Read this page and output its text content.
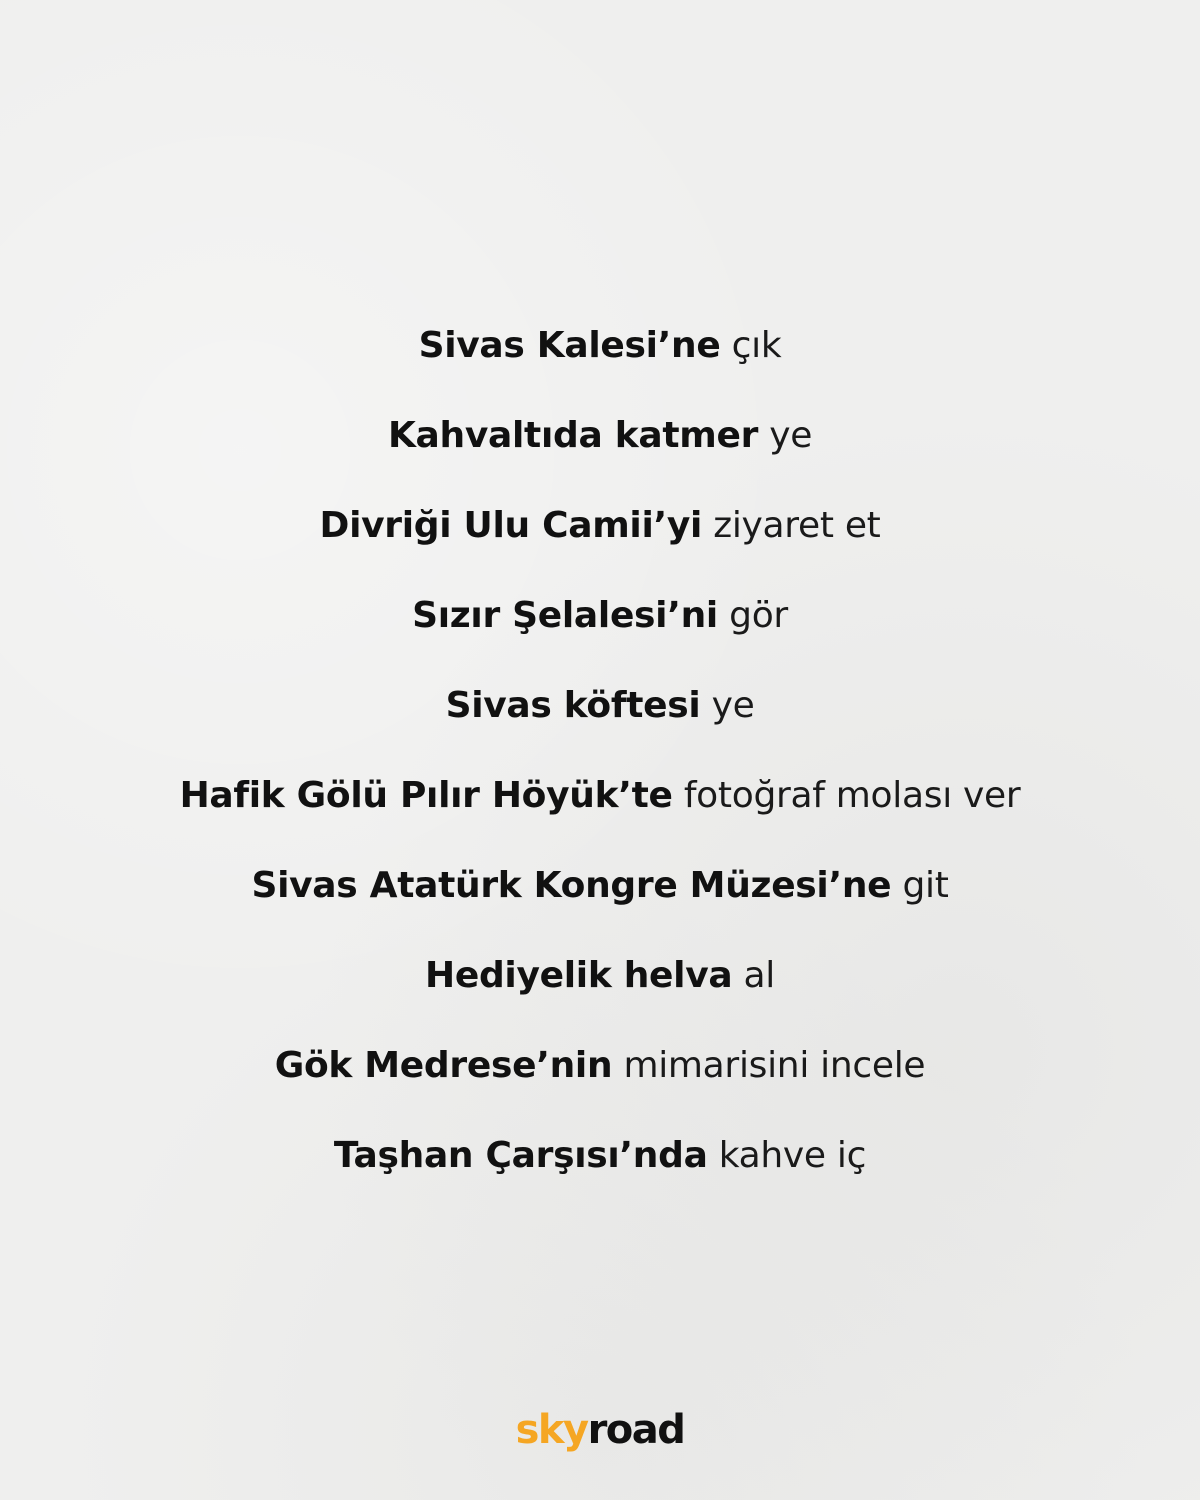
Sivas Kalesi’ne çık
Kahvaltıda katmer ye
Divriği Ulu Camii’yi ziyaret et
Sızır Şelalesi’ni gör
Sivas köftesi ye
Hafik Gölü Pılır Höyük’te fotoğraf molası ver
Sivas Atatürk Kongre Müzesi’ne git
Hediyelik helva al
Gök Medrese’nin mimarisini incele
Taşhan Çarşısı’nda kahve iç
skyroad
